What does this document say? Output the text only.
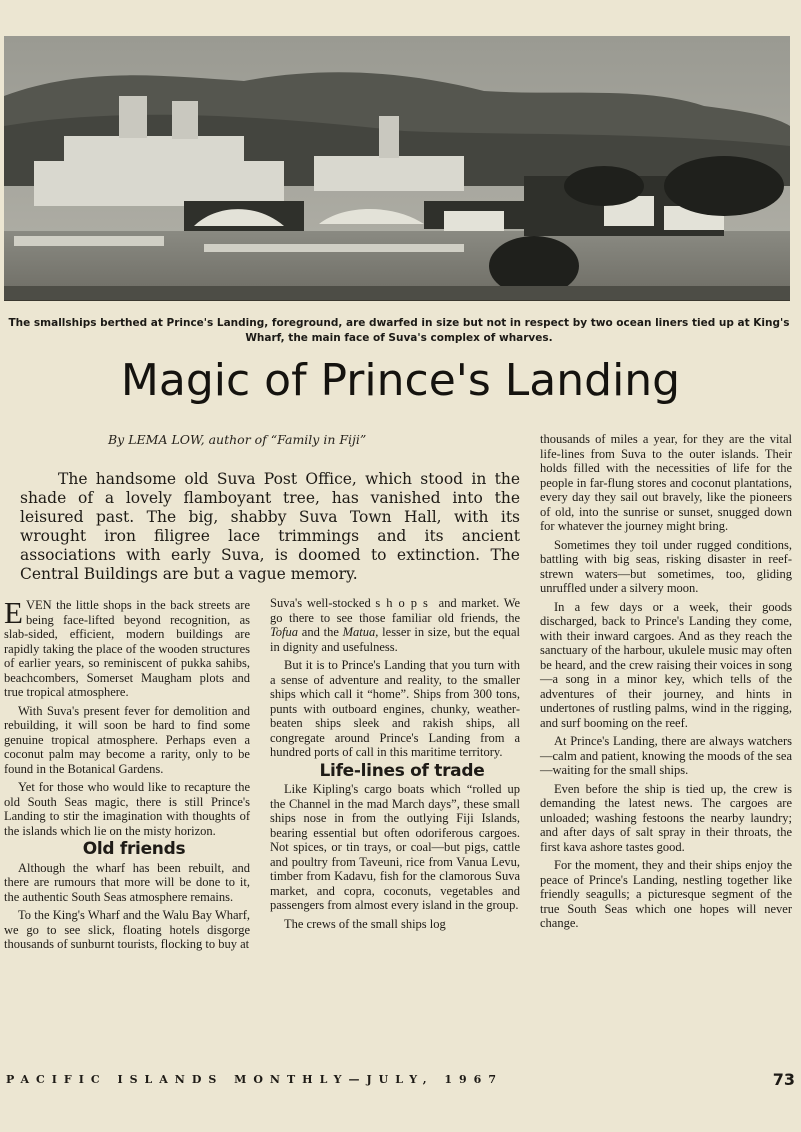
The smallships berthed at Prince's Landing, foreground, are dwarfed in size but not in respect by two ocean liners tied up at King's Wharf, the main face of Suva's complex of wharves.
Magic of Prince's Landing
By LEMA LOW, author of “Family in Fiji”

The handsome old Suva Post Office, which stood in the shade of a lovely flamboyant tree, has vanished into the leisured past. The big, shabby Suva Town Hall, with its wrought iron filigree lace trimmings and its ancient associations with early Suva, is doomed to extinction. The Central Buildings are but a vague memory.

EVEN the little shops in the back streets are being face-lifted beyond recognition, as slab-sided, efficient, modern buildings are rapidly taking the place of the wooden structures of earlier years, so reminiscent of pukka sahibs, beachcombers, Somerset Maugham plots and true tropical atmosphere.

With Suva's present fever for demolition and rebuilding, it will soon be hard to find some genuine tropical atmosphere. Perhaps even a coconut palm may become a rarity, only to be found in the Botanical Gardens.

Yet for those who would like to recapture the old South Seas magic, there is still Prince's Landing to stir the imagination with thoughts of the islands which lie on the misty horizon.

Old friends

Although the wharf has been rebuilt, and there are rumours that more will be done to it, the authentic South Seas atmosphere remains.

To the King's Wharf and the Walu Bay Wharf, we go to see slick, floating hotels disgorge thousands of sunburnt tourists, flocking to buy at

Suva's well-stocked shops and market. We go there to see those familiar old friends, the Tofua and the Matua, lesser in size, but the equal in dignity and usefulness.

But it is to Prince's Landing that you turn with a sense of adventure and reality, to the smaller ships which call it “home”. Ships from 300 tons, punts with outboard engines, chunky, weather-beaten ships sleek and rakish ships, all congregate around Prince's Landing from a hundred ports of call in this maritime territory.

Life-lines of trade

Like Kipling's cargo boats which “rolled up the Channel in the mad March days”, these small ships nose in from the outlying Fiji Islands, bearing essential but often odoriferous cargoes. Not spices, or tin trays, or coal—but pigs, cattle and poultry from Taveuni, rice from Vanua Levu, timber from Kadavu, fish for the clamorous Suva market, and copra, coconuts, vegetables and passengers from almost every island in the group.

The crews of the small ships log

thousands of miles a year, for they are the vital life-lines from Suva to the outer islands. Their holds filled with the necessities of life for the people in far-flung stores and coconut plantations, every day they sail out bravely, like the pioneers of old, into the sunrise or sunset, snugged down for whatever the journey might bring.

Sometimes they toil under rugged conditions, battling with big seas, risking disaster in reef-strewn waters—but sometimes, too, gliding unruffled under a silvery moon.

In a few days or a week, their goods discharged, back to Prince's Landing they come, with their inward cargoes. And as they reach the sanctuary of the harbour, ukulele music may often be heard, and the crew raising their voices in song—a song in a minor key, which tells of the adventures of their journey, and hints in undertones of rustling palms, wind in the rigging, and surf booming on the reef.

At Prince's Landing, there are always watchers—calm and patient, knowing the moods of the sea—waiting for the small ships.

Even before the ship is tied up, the crew is demanding the latest news. The cargoes are unloaded; washing festoons the nearby laundry; and after days of salt spray in their throats, the first kava ashore tastes good.

For the moment, they and their ships enjoy the peace of Prince's Landing, nestling together like friendly seagulls; a picturesque segment of the true South Seas which one hopes will never change.

PACIFIC ISLANDS MONTHLY—JULY, 1967	73
